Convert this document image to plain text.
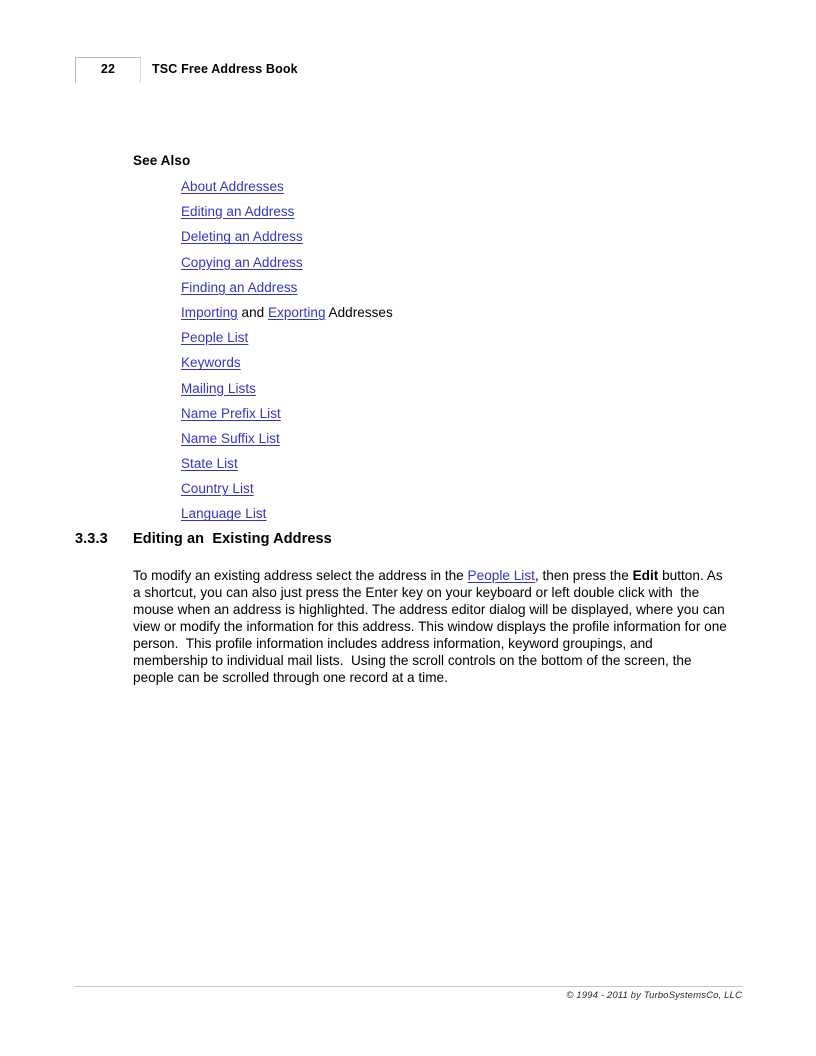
22	TSC Free Address Book
See Also
About Addresses
Editing an Address
Deleting an Address
Copying an Address
Finding an Address
Importing and Exporting Addresses
People List
Keywords
Mailing Lists
Name Prefix List
Name Suffix List
State List
Country List
Language List
3.3.3 Editing an  Existing Address
To modify an existing address select the address in the People List, then press the Edit button. As a shortcut, you can also just press the Enter key on your keyboard or left double click with  the mouse when an address is highlighted. The address editor dialog will be displayed, where you can view or modify the information for this address. This window displays the profile information for one person.  This profile information includes address information, keyword groupings, and membership to individual mail lists.  Using the scroll controls on the bottom of the screen, the people can be scrolled through one record at a time.
© 1994 - 2011 by TurboSystemsCo, LLC
